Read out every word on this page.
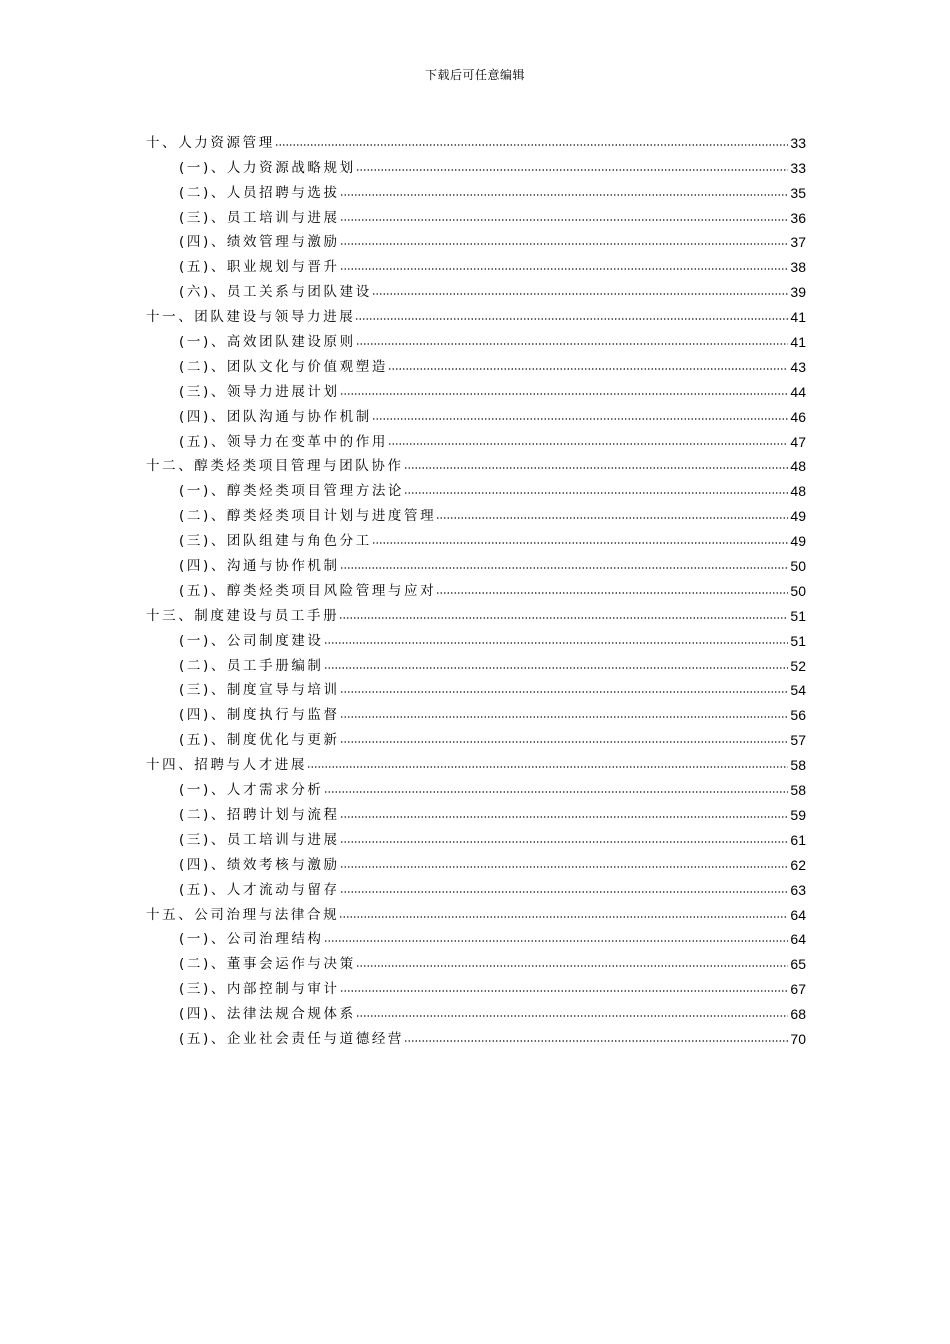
下载后可任意编辑
十、人力资源管理	33
(一)、人力资源战略规划	33
(二)、人员招聘与选拔	35
(三)、员工培训与进展	36
(四)、绩效管理与激励	37
(五)、职业规划与晋升	38
(六)、员工关系与团队建设	39
十一、团队建设与领导力进展	41
(一)、高效团队建设原则	41
(二)、团队文化与价值观塑造	43
(三)、领导力进展计划	44
(四)、团队沟通与协作机制	46
(五)、领导力在变革中的作用	47
十二、醇类烃类项目管理与团队协作	48
(一)、醇类烃类项目管理方法论	48
(二)、醇类烃类项目计划与进度管理	49
(三)、团队组建与角色分工	49
(四)、沟通与协作机制	50
(五)、醇类烃类项目风险管理与应对	50
十三、制度建设与员工手册	51
(一)、公司制度建设	51
(二)、员工手册编制	52
(三)、制度宣导与培训	54
(四)、制度执行与监督	56
(五)、制度优化与更新	57
十四、招聘与人才进展	58
(一)、人才需求分析	58
(二)、招聘计划与流程	59
(三)、员工培训与进展	61
(四)、绩效考核与激励	62
(五)、人才流动与留存	63
十五、公司治理与法律合规	64
(一)、公司治理结构	64
(二)、董事会运作与决策	65
(三)、内部控制与审计	67
(四)、法律法规合规体系	68
(五)、企业社会责任与道德经营	70
